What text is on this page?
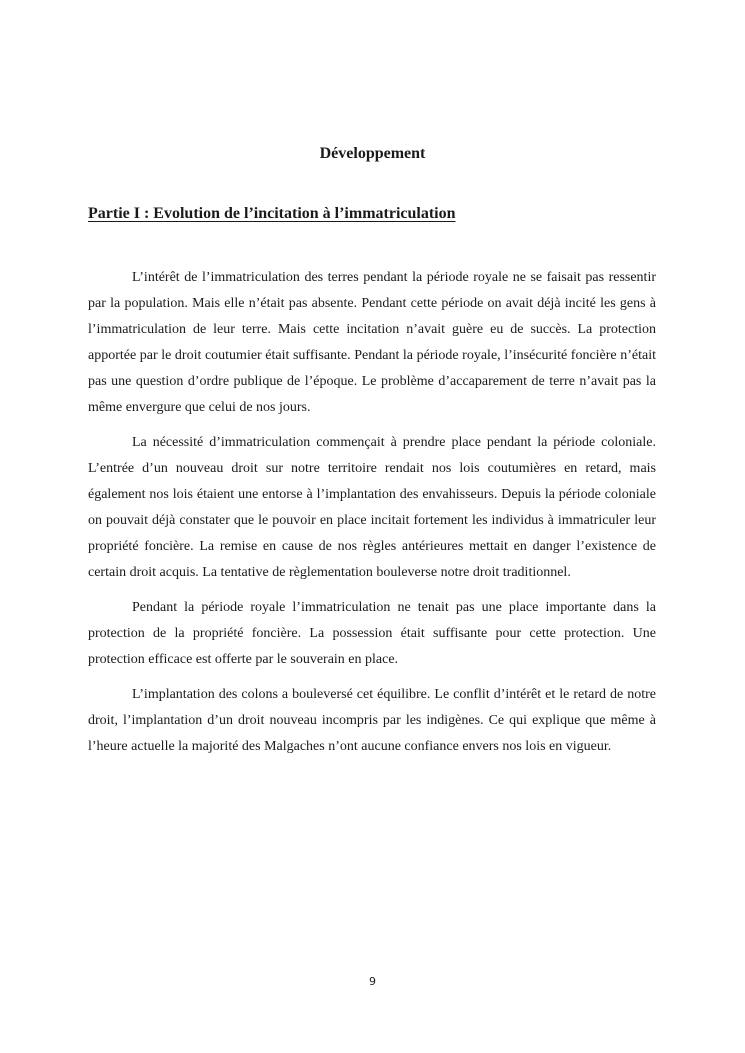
Développement
Partie I : Evolution de l’incitation à l’immatriculation

L’intérêt de l’immatriculation des terres pendant la période royale ne se faisait pas ressentir par la population. Mais elle n’était pas absente. Pendant cette période on avait déjà incité les gens à l’immatriculation de leur terre. Mais cette incitation n’avait guère eu de succès. La protection apportée par le droit coutumier était suffisante. Pendant la période royale, l’insécurité foncière n’était pas une question d’ordre publique de l’époque. Le problème d’accaparement de terre n’avait pas la même envergure que celui de nos jours.

La nécessité d’immatriculation commençait à prendre place pendant la période coloniale. L’entrée d’un nouveau droit sur notre territoire rendait nos lois coutumières en retard, mais également nos lois étaient une entorse à l’implantation des envahisseurs. Depuis la période coloniale on pouvait déjà constater que le pouvoir en place incitait fortement les individus à immatriculer leur propriété foncière. La remise en cause de nos règles antérieures mettait en danger l’existence de certain droit acquis. La tentative de règlementation bouleverse notre droit traditionnel.

Pendant la période royale l’immatriculation ne tenait pas une place importante dans la protection de la propriété foncière. La possession était suffisante pour cette protection. Une protection efficace est offerte par le souverain en place.

L’implantation des colons a bouleversé cet équilibre. Le conflit d’intérêt et le retard de notre droit, l’implantation d’un droit nouveau incompris par les indigènes. Ce qui explique que même à l’heure actuelle la majorité des Malgaches n’ont aucune confiance envers nos lois en vigueur.

9
